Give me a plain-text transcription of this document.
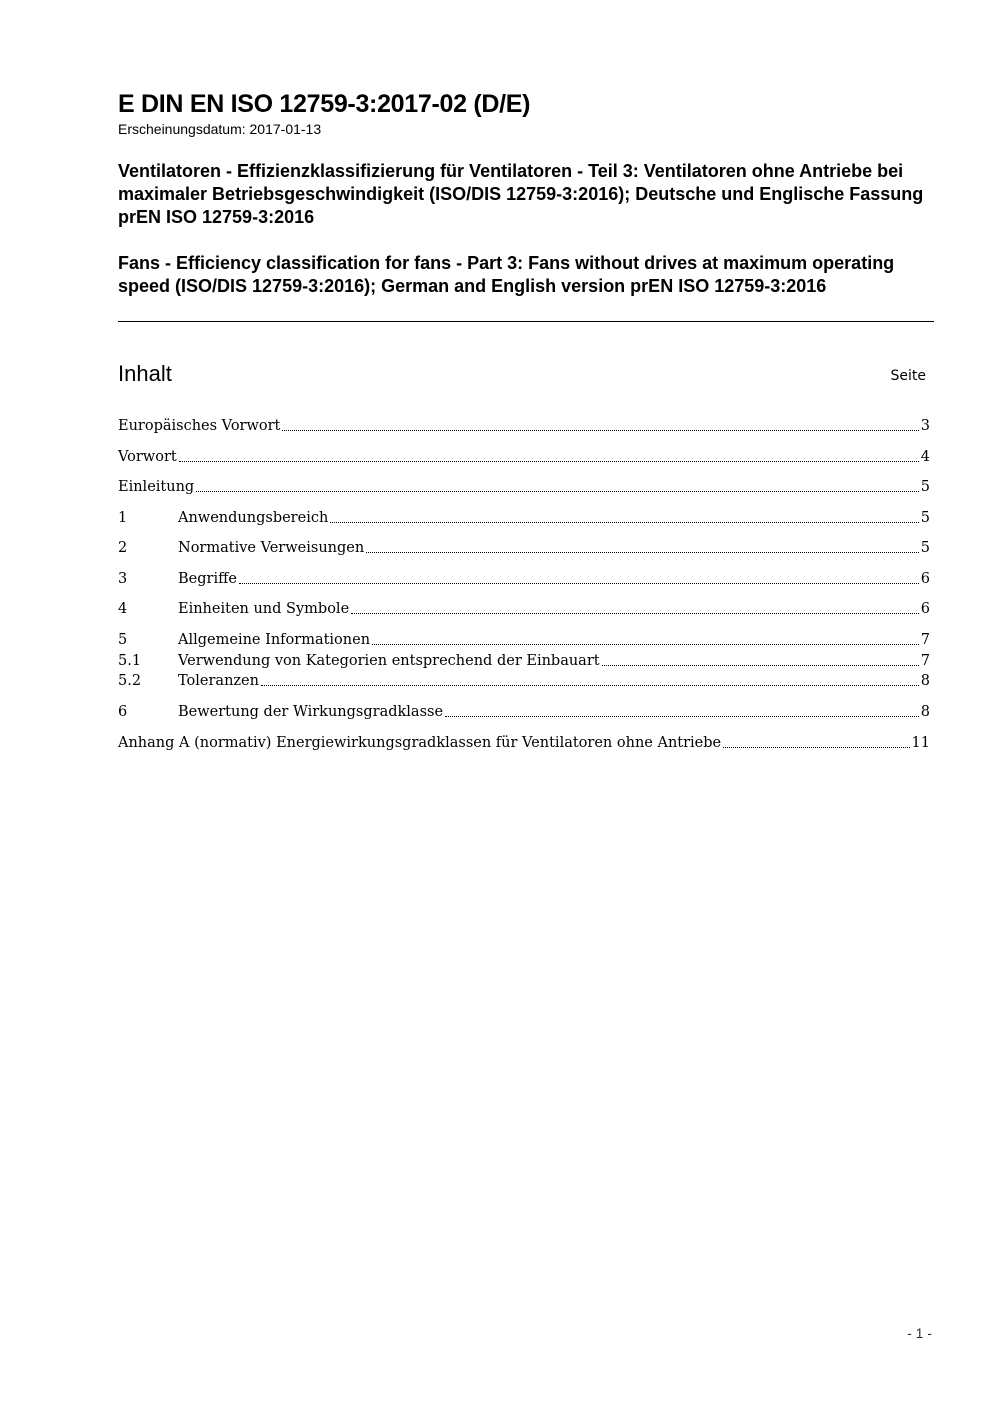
E DIN EN ISO 12759-3:2017-02 (D/E)
Erscheinungsdatum: 2017-01-13
Ventilatoren - Effizienzklassifizierung für Ventilatoren - Teil 3: Ventilatoren ohne Antriebe bei maximaler Betriebsgeschwindigkeit (ISO/DIS 12759-3:2016); Deutsche und Englische Fassung prEN ISO 12759-3:2016
Fans - Efficiency classification for fans - Part 3: Fans without drives at maximum operating speed (ISO/DIS 12759-3:2016); German and English version prEN ISO 12759-3:2016
Inhalt	Seite
Europäisches Vorwort	3
Vorwort	4
Einleitung	5
1	Anwendungsbereich	5
2	Normative Verweisungen	5
3	Begriffe	6
4	Einheiten und Symbole	6
5	Allgemeine Informationen	7
5.1	Verwendung von Kategorien entsprechend der Einbauart	7
5.2	Toleranzen	8
6	Bewertung der Wirkungsgradklasse	8
Anhang A (normativ) Energiewirkungsgradklassen für Ventilatoren ohne Antriebe	11
- 1 -
